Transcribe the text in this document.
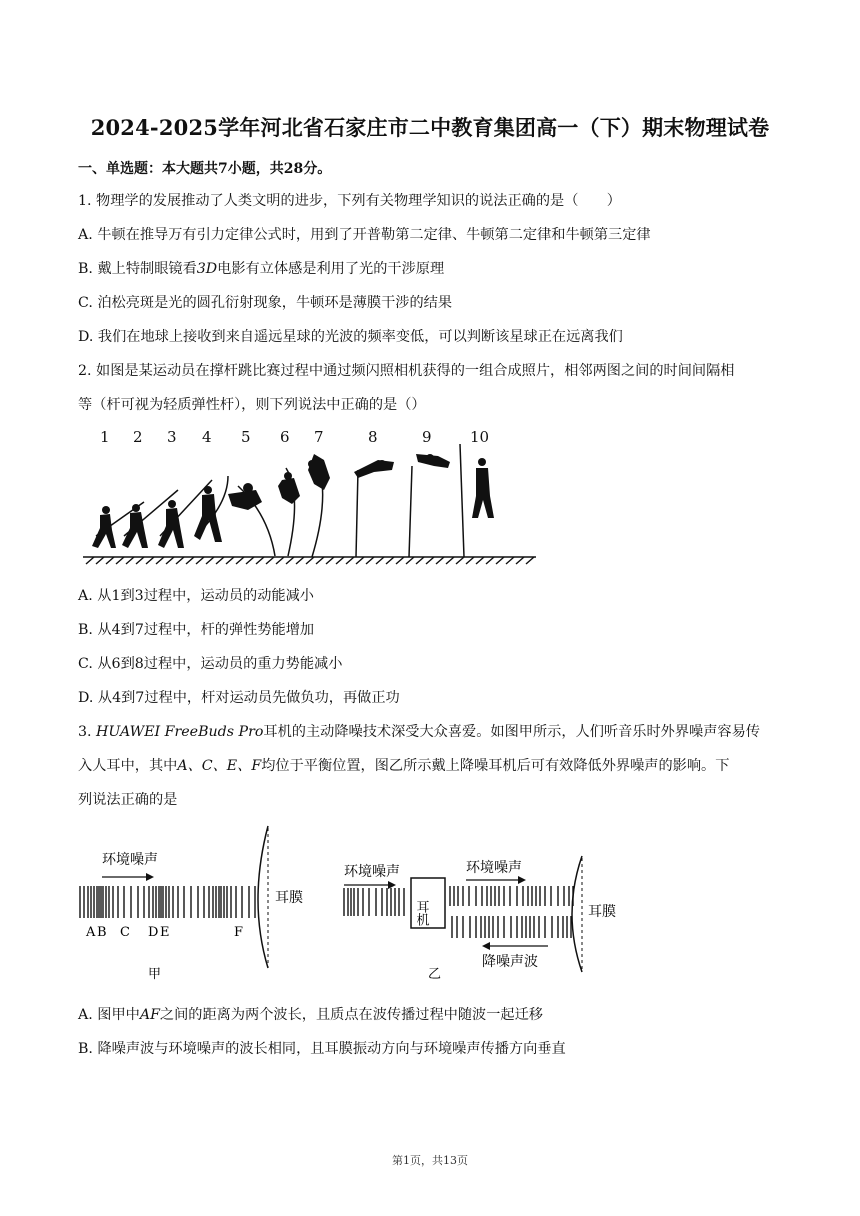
2024-2025学年河北省石家庄市二中教育集团高一（下）期末物理试卷
一、单选题：本大题共7小题，共28分。
1. 物理学的发展推动了人类文明的进步，下列有关物理学知识的说法正确的是（　　）
A. 牛顿在推导万有引力定律公式时，用到了开普勒第二定律、牛顿第二定律和牛顿第三定律
B. 戴上特制眼镜看3D电影有立体感是利用了光的干涉原理
C. 泊松亮斑是光的圆孔衍射现象，牛顿环是薄膜干涉的结果
D. 我们在地球上接收到来自遥远星球的光波的频率变低，可以判断该星球正在远离我们
2. 如图是某运动员在撑杆跳比赛过程中通过频闪照相机获得的一组合成照片，相邻两图之间的时间间隔相
等（杆可视为轻质弹性杆），则下列说法中正确的是（）
1 2 3 4 5 6 7	8	9	10
A. 从1到3过程中，运动员的动能减小
B. 从4到7过程中，杆的弹性势能增加
C. 从6到8过程中，运动员的重力势能减小
D. 从4到7过程中，杆对运动员先做负功，再做正功
3. HUAWEI FreeBuds Pro耳机的主动降噪技术深受大众喜爱。如图甲所示，人们听音乐时外界噪声容易传
入人耳中，其中A、C、E、F均位于平衡位置，图乙所示戴上降噪耳机后可有效降低外界噪声的影响。下
列说法正确的是
环境噪声
A B C D E	F
耳膜
甲
环境噪声
耳机
环境噪声
降噪声波
耳膜
乙
A. 图甲中AF之间的距离为两个波长，且质点在波传播过程中随波一起迁移
B. 降噪声波与环境噪声的波长相同，且耳膜振动方向与环境噪声传播方向垂直
第1页，共13页
